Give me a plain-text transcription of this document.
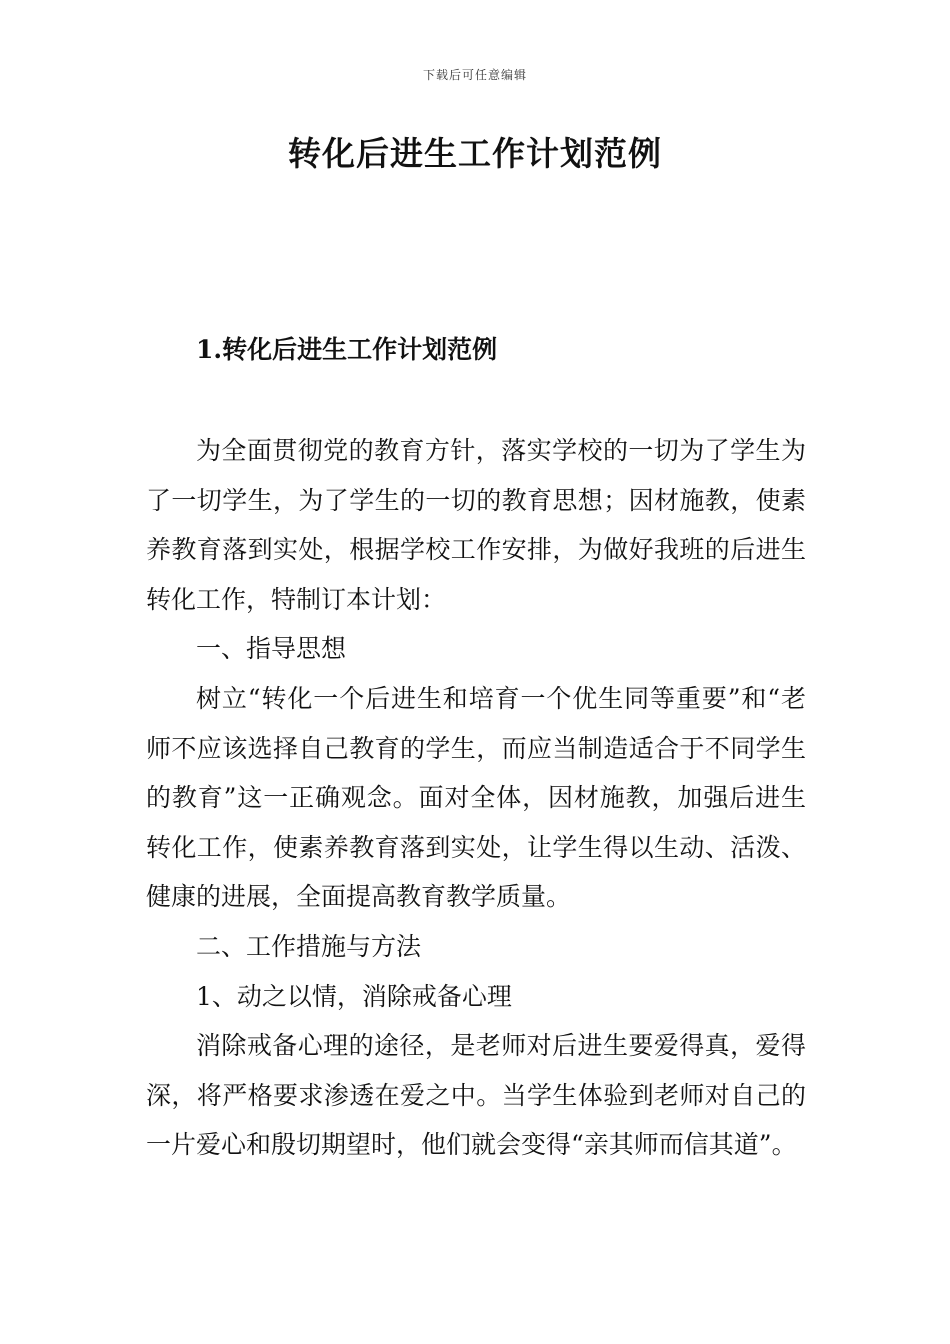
下载后可任意编辑
转化后进生工作计划范例
1.转化后进生工作计划范例

为全面贯彻党的教育方针，落实学校的一切为了学生为了一切学生，为了学生的一切的教育思想；因材施教，使素养教育落到实处，根据学校工作安排，为做好我班的后进生转化工作，特制订本计划：

一、指导思想

树立“转化一个后进生和培育一个优生同等重要”和“老师不应该选择自己教育的学生，而应当制造适合于不同学生的教育”这一正确观念。面对全体，因材施教，加强后进生转化工作，使素养教育落到实处，让学生得以生动、活泼、健康的进展，全面提高教育教学质量。

二、工作措施与方法

1、动之以情，消除戒备心理

消除戒备心理的途径，是老师对后进生要爱得真，爱得深，将严格要求渗透在爱之中。当学生体验到老师对自己的一片爱心和殷切期望时，他们就会变得“亲其师而信其道”。
